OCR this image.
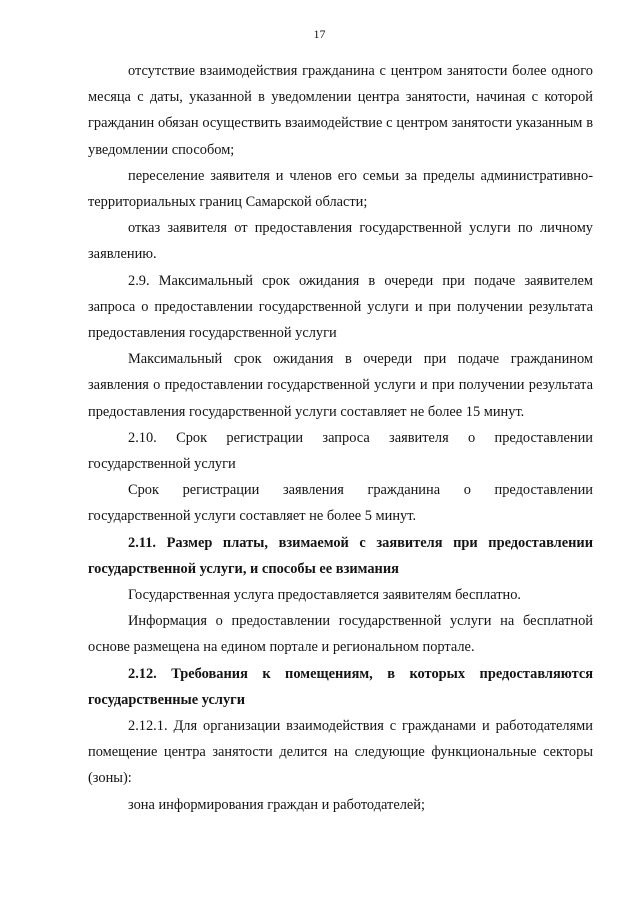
17

отсутствие взаимодействия гражданина с центром занятости более одного месяца с даты, указанной в уведомлении центра занятости, начиная с которой гражданин обязан осуществить взаимодействие с центром занятости указанным в уведомлении способом;

переселение заявителя и членов его семьи за пределы административно-территориальных границ Самарской области;

отказ заявителя от предоставления государственной услуги по личному заявлению.

2.9. Максимальный срок ожидания в очереди при подаче заявителем запроса о предоставлении государственной услуги и при получении результата предоставления государственной услуги

Максимальный срок ожидания в очереди при подаче гражданином заявления о предоставлении государственной услуги и при получении результата предоставления государственной услуги составляет не более 15 минут.

2.10. Срок регистрации запроса заявителя о предоставлении государственной услуги

Срок регистрации заявления гражданина о предоставлении государственной услуги составляет не более 5 минут.

2.11. Размер платы, взимаемой с заявителя при предоставлении государственной услуги, и способы ее взимания

Государственная услуга предоставляется заявителям бесплатно.

Информация о предоставлении государственной услуги на бесплатной основе размещена на едином портале и региональном портале.

2.12. Требования к помещениям, в которых предоставляются государственные услуги

2.12.1. Для организации взаимодействия с гражданами и работодателями помещение центра занятости делится на следующие функциональные секторы (зоны):

зона информирования граждан и работодателей;
